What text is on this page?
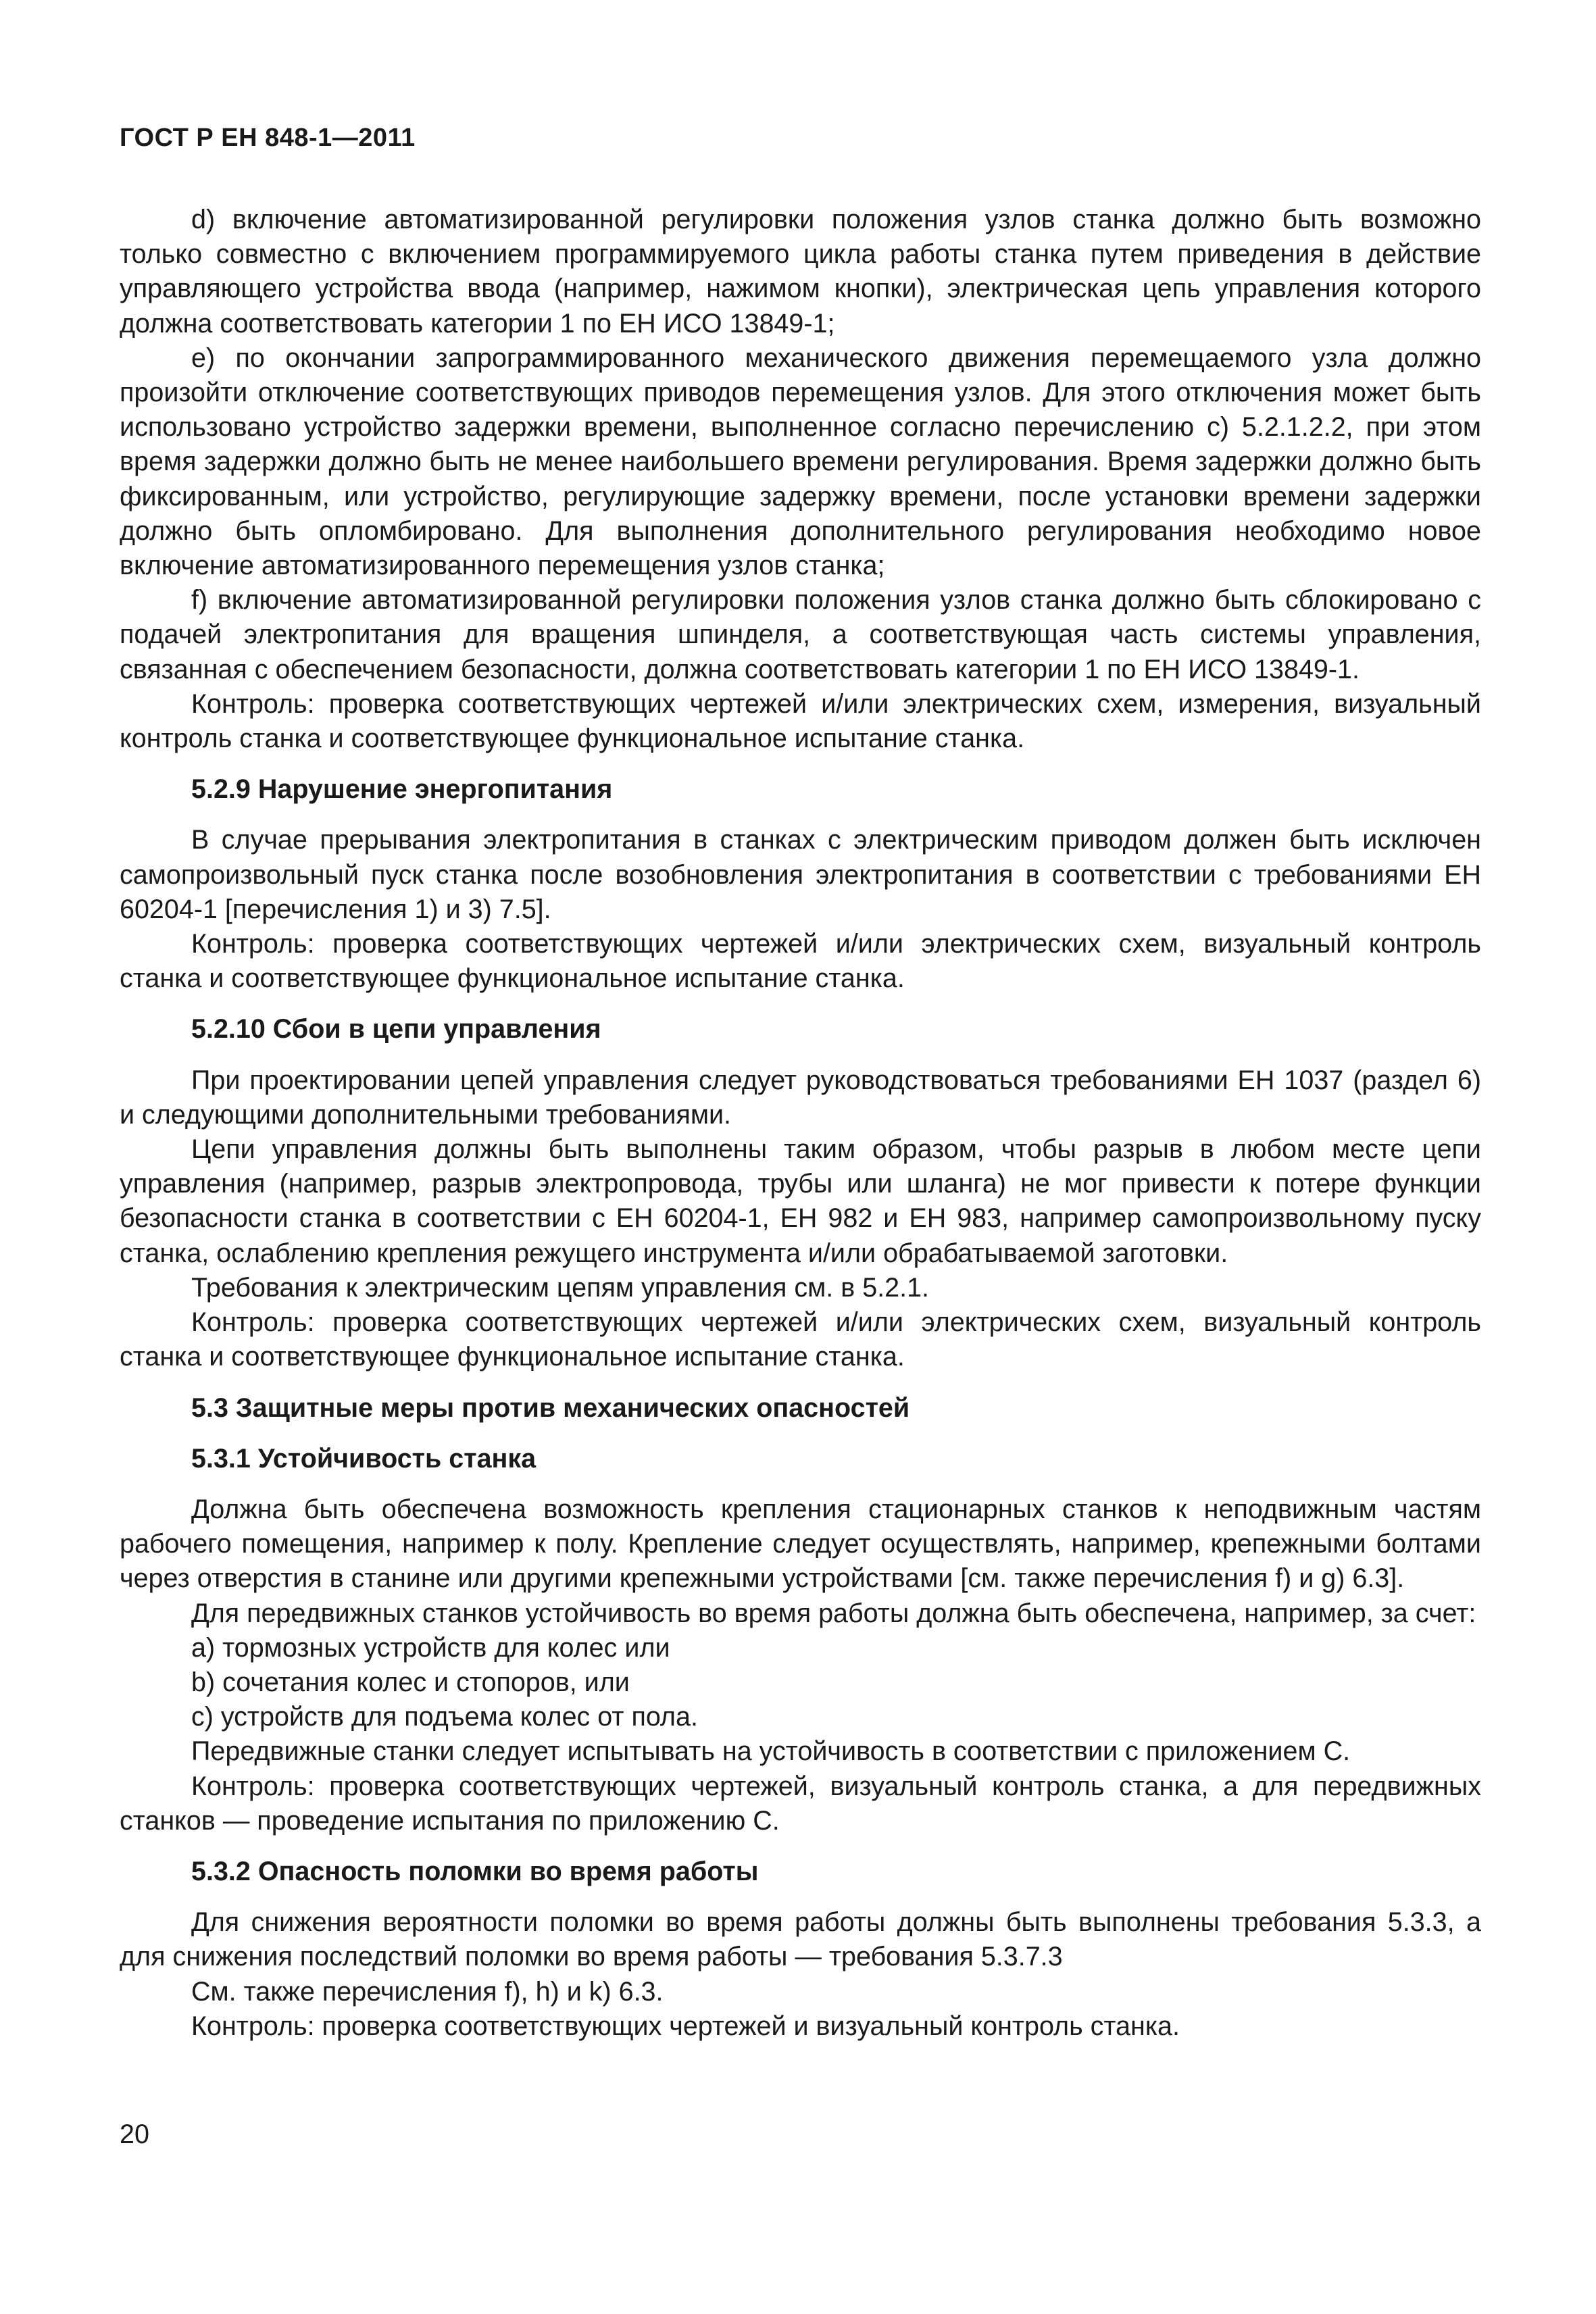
ГОСТ Р ЕН 848-1—2011

d) включение автоматизированной регулировки положения узлов станка должно быть возможно только совместно с включением программируемого цикла работы станка путем приведения в действие управляющего устройства ввода (например, нажимом кнопки), электрическая цепь управления которого должна соответствовать категории 1 по ЕН ИСО 13849-1;

e) по окончании запрограммированного механического движения перемещаемого узла должно произойти отключение соответствующих приводов перемещения узлов. Для этого отключения может быть использовано устройство задержки времени, выполненное согласно перечислению c) 5.2.1.2.2, при этом время задержки должно быть не менее наибольшего времени регулирования. Время задержки должно быть фиксированным, или устройство, регулирующие задержку времени, после установки времени задержки должно быть опломбировано. Для выполнения дополнительного регулирования необходимо новое включение автоматизированного перемещения узлов станка;

f) включение автоматизированной регулировки положения узлов станка должно быть сблокировано с подачей электропитания для вращения шпинделя, а соответствующая часть системы управления, связанная с обеспечением безопасности, должна соответствовать категории 1 по ЕН ИСО 13849-1.

Контроль: проверка соответствующих чертежей и/или электрических схем, измерения, визуальный контроль станка и соответствующее функциональное испытание станка.

5.2.9 Нарушение энергопитания

В случае прерывания электропитания в станках с электрическим приводом должен быть исключен самопроизвольный пуск станка после возобновления электропитания в соответствии с требованиями ЕН 60204-1 [перечисления 1) и 3) 7.5].

Контроль: проверка соответствующих чертежей и/или электрических схем, визуальный контроль станка и соответствующее функциональное испытание станка.

5.2.10 Сбои в цепи управления

При проектировании цепей управления следует руководствоваться требованиями ЕН 1037 (раздел 6) и следующими дополнительными требованиями.

Цепи управления должны быть выполнены таким образом, чтобы разрыв в любом месте цепи управления (например, разрыв электропровода, трубы или шланга) не мог привести к потере функции безопасности станка в соответствии с ЕН 60204-1, ЕН 982 и ЕН 983, например самопроизвольному пуску станка, ослаблению крепления режущего инструмента и/или обрабатываемой заготовки.

Требования к электрическим цепям управления см. в 5.2.1.

Контроль: проверка соответствующих чертежей и/или электрических схем, визуальный контроль станка и соответствующее функциональное испытание станка.

5.3 Защитные меры против механических опасностей
5.3.1 Устойчивость станка

Должна быть обеспечена возможность крепления стационарных станков к неподвижным частям рабочего помещения, например к полу. Крепление следует осуществлять, например, крепежными болтами через отверстия в станине или другими крепежными устройствами [см. также перечисления f) и g) 6.3].

Для передвижных станков устойчивость во время работы должна быть обеспечена, например, за счет:

a) тормозных устройств для колес или

b) сочетания колес и стопоров, или

c) устройств для подъема колес от пола.

Передвижные станки следует испытывать на устойчивость в соответствии с приложением C.

Контроль: проверка соответствующих чертежей, визуальный контроль станка, а для передвижных станков — проведение испытания по приложению C.

5.3.2 Опасность поломки во время работы

Для снижения вероятности поломки во время работы должны быть выполнены требования 5.3.3, а для снижения последствий поломки во время работы — требования 5.3.7.3

См. также перечисления f), h) и k) 6.3.

Контроль: проверка соответствующих чертежей и визуальный контроль станка.

20
